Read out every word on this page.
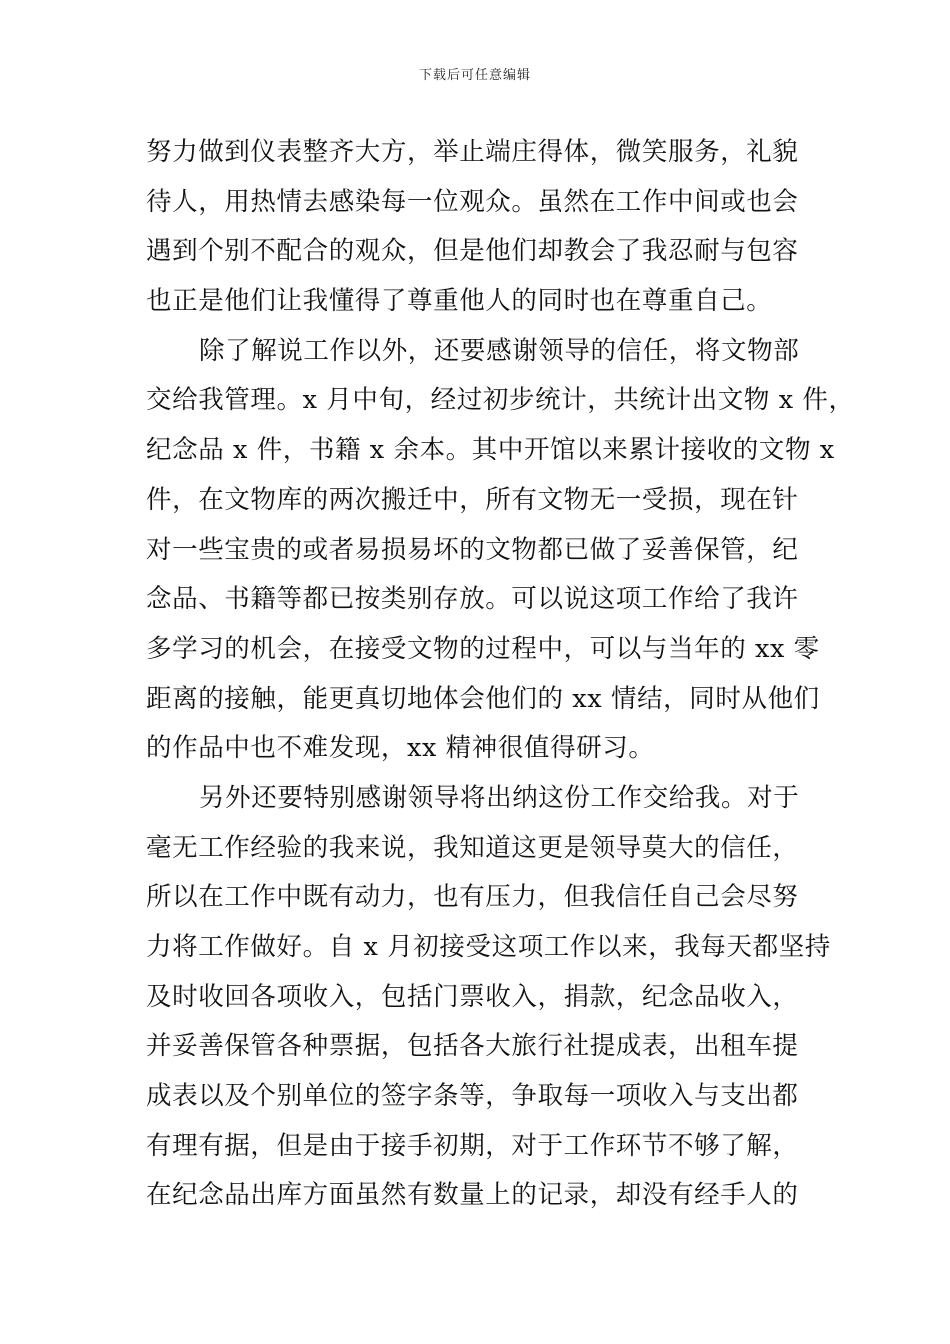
下载后可任意编辑
努力做到仪表整齐大方，举止端庄得体，微笑服务，礼貌
待人，用热情去感染每一位观众。虽然在工作中间或也会
遇到个别不配合的观众，但是他们却教会了我忍耐与包容
也正是他们让我懂得了尊重他人的同时也在尊重自己。
除了解说工作以外，还要感谢领导的信任，将文物部
交给我管理。x 月中旬，经过初步统计，共统计出文物 x 件，
纪念品 x 件，书籍 x 余本。其中开馆以来累计接收的文物 x
件，在文物库的两次搬迁中，所有文物无一受损，现在针
对一些宝贵的或者易损易坏的文物都已做了妥善保管，纪
念品、书籍等都已按类别存放。可以说这项工作给了我许
多学习的机会，在接受文物的过程中，可以与当年的 xx 零
距离的接触，能更真切地体会他们的 xx 情结，同时从他们
的作品中也不难发现，xx 精神很值得研习。
另外还要特别感谢领导将出纳这份工作交给我。对于
毫无工作经验的我来说，我知道这更是领导莫大的信任，
所以在工作中既有动力，也有压力，但我信任自己会尽努
力将工作做好。自 x 月初接受这项工作以来，我每天都坚持
及时收回各项收入，包括门票收入，捐款，纪念品收入，
并妥善保管各种票据，包括各大旅行社提成表，出租车提
成表以及个别单位的签字条等，争取每一项收入与支出都
有理有据，但是由于接手初期，对于工作环节不够了解，
在纪念品出库方面虽然有数量上的记录，却没有经手人的
